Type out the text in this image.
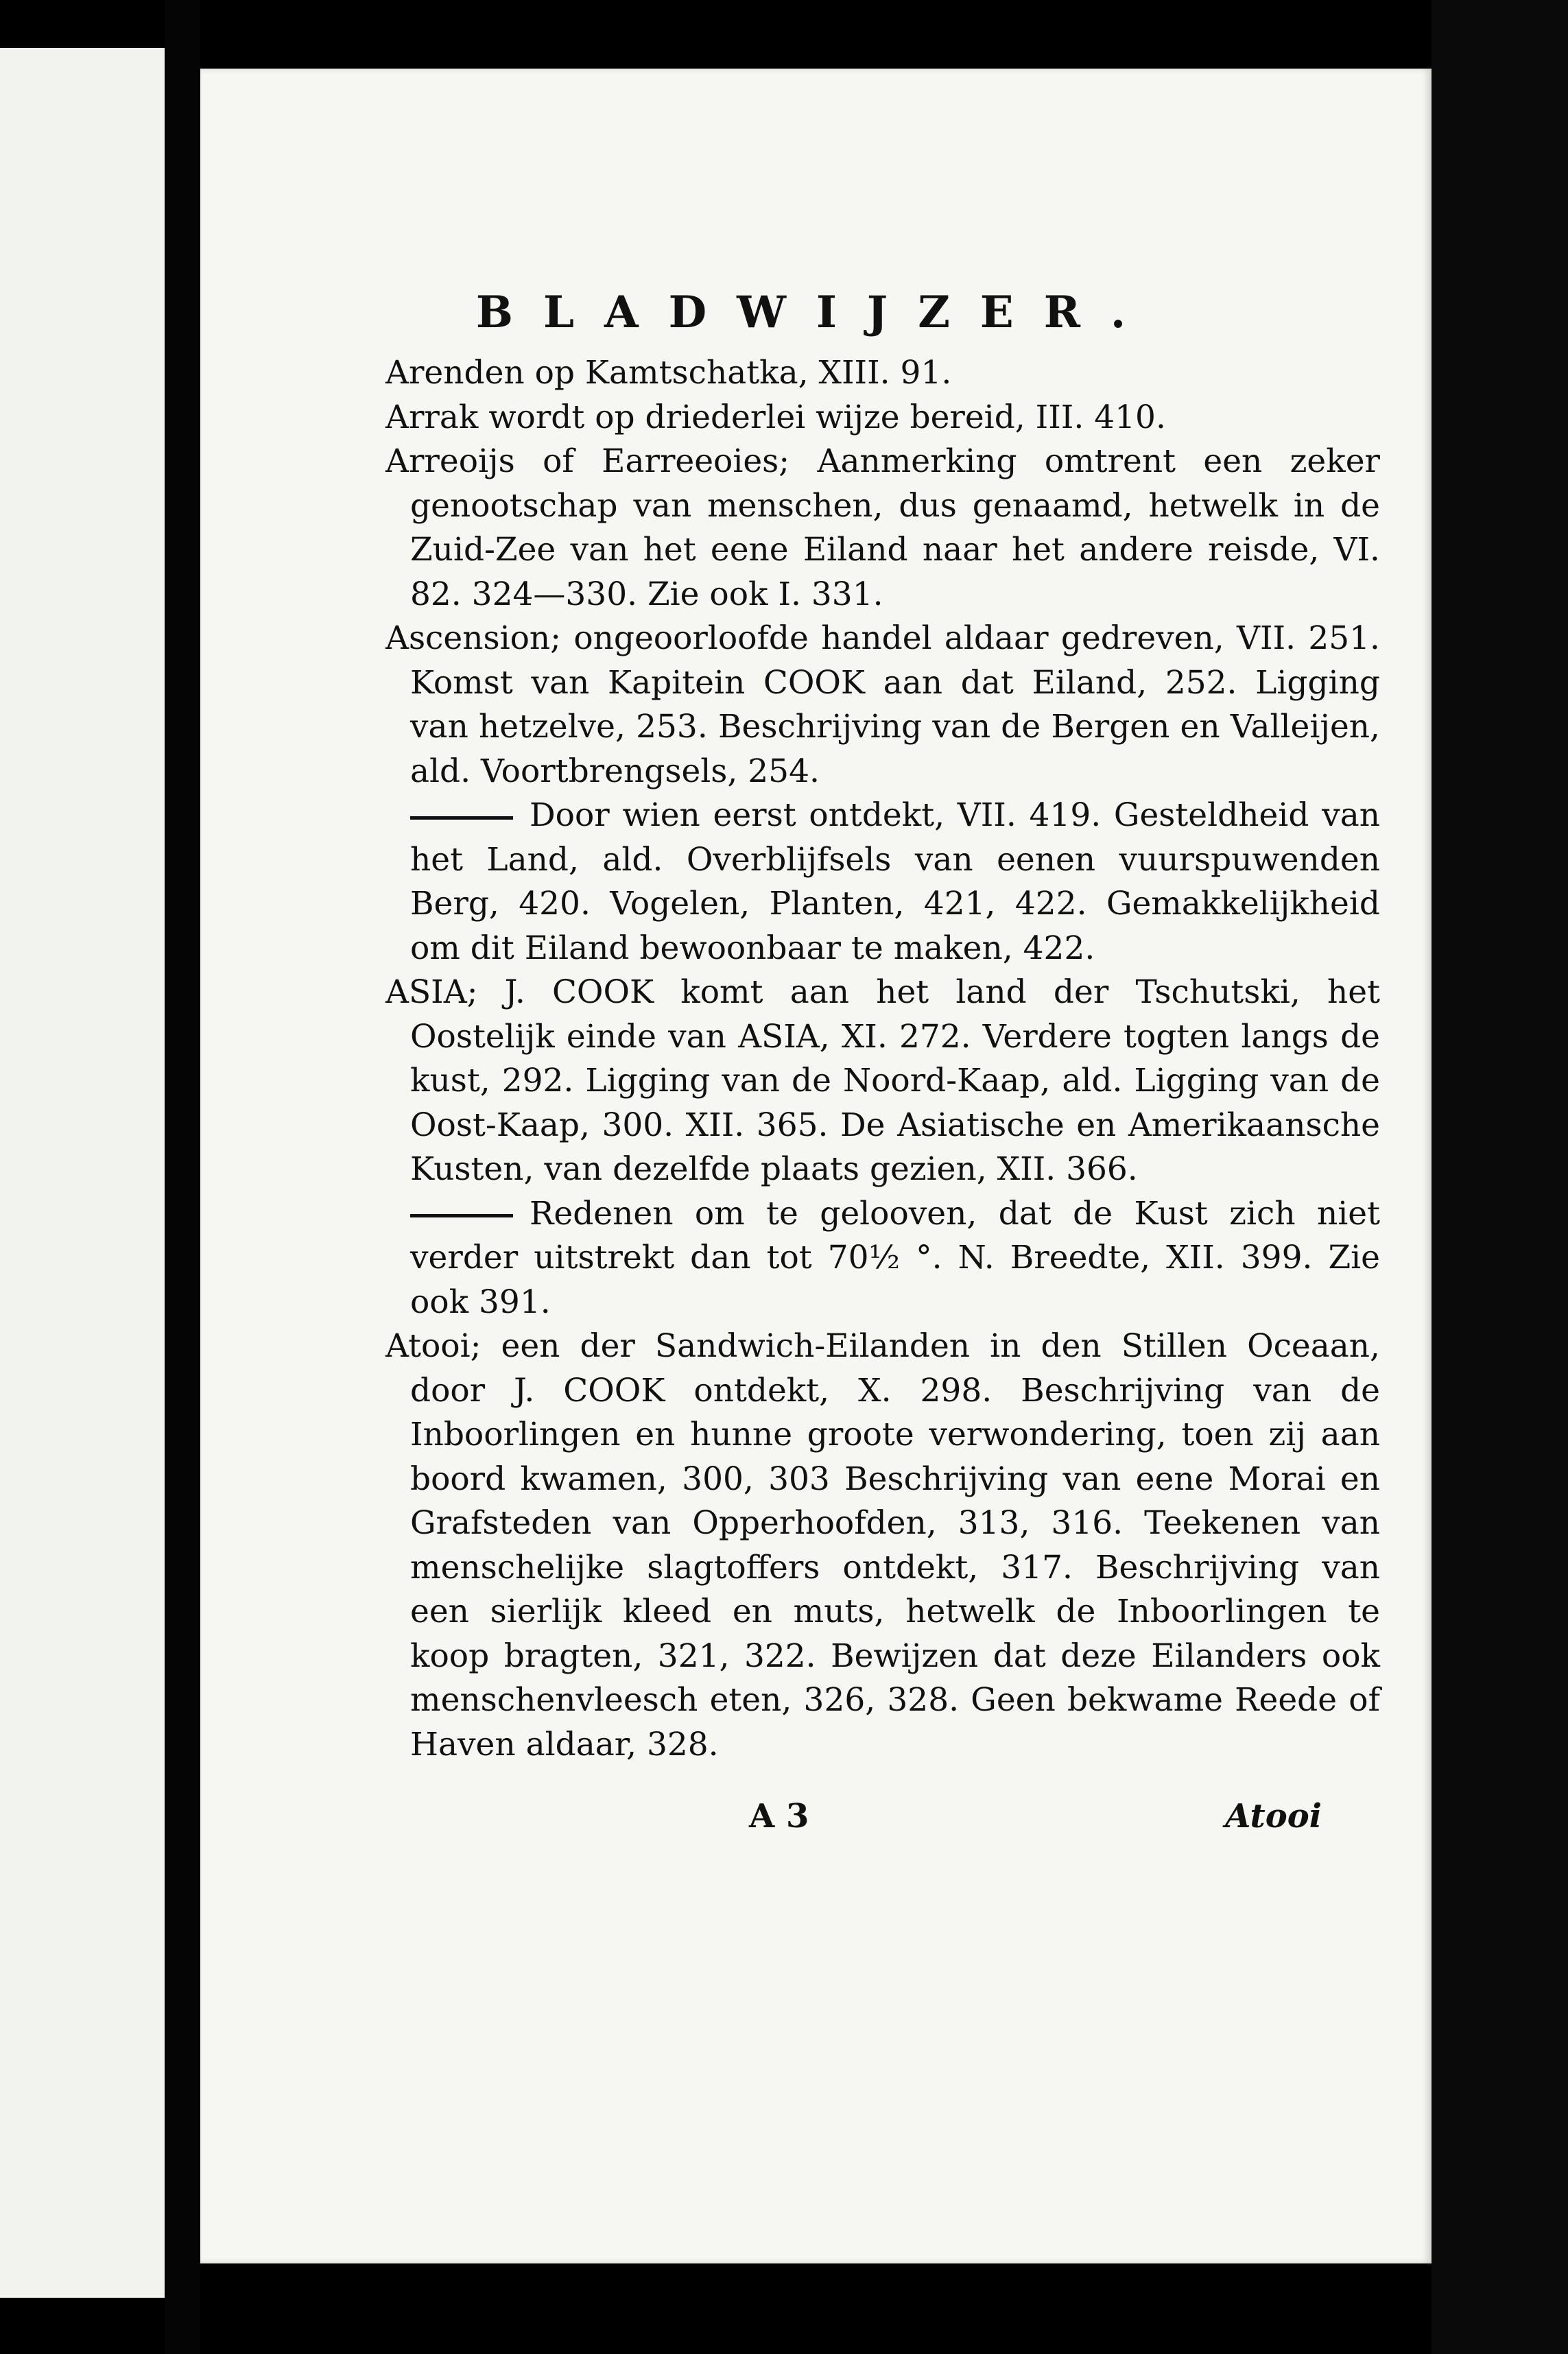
BLADWIJZER.

Arenden op Kamtschatka, XIII. 91.

Arrak wordt op driederlei wijze bereid, III. 410.

Arreoijs of Earreeoies; Aanmerking omtrent een zeker genootschap van menschen, dus genaamd, hetwelk in de Zuid-Zee van het eene Eiland naar het andere reisde, VI. 82. 324—330. Zie ook I. 331.

Ascension; ongeoorloofde handel aldaar gedreven, VII. 251. Komst van Kapitein COOK aan dat Eiland, 252. Ligging van hetzelve, 253. Beschrijving van de Bergen en Valleijen, ald. Voortbrengsels, 254.

Door wien eerst ontdekt, VII. 419. Gesteldheid van het Land, ald. Overblijfsels van eenen vuurspuwenden Berg, 420. Vogelen, Planten, 421, 422. Gemakkelijkheid om dit Eiland bewoonbaar te maken, 422.

ASIA; J. COOK komt aan het land der Tschutski, het Oostelijk einde van ASIA, XI. 272. Verdere togten langs de kust, 292. Ligging van de Noord-Kaap, ald. Ligging van de Oost-Kaap, 300. XII. 365. De Asiatische en Amerikaansche Kusten, van dezelfde plaats gezien, XII. 366.

Redenen om te gelooven, dat de Kust zich niet verder uitstrekt dan tot 70½ °. N. Breedte, XII. 399. Zie ook 391.

Atooi; een der Sandwich-Eilanden in den Stillen Oceaan, door J. COOK ontdekt, X. 298. Beschrijving van de Inboorlingen en hunne groote verwondering, toen zij aan boord kwamen, 300, 303 Beschrijving van eene Morai en Grafsteden van Opperhoofden, 313, 316. Teekenen van menschelijke slagtoffers ontdekt, 317. Beschrijving van een sierlijk kleed en muts, hetwelk de Inboorlingen te koop bragten, 321, 322. Bewijzen dat deze Eilanders ook menschenvleesch eten, 326, 328. Geen bekwame Reede of Haven aldaar, 328.

A 3	Atooi
